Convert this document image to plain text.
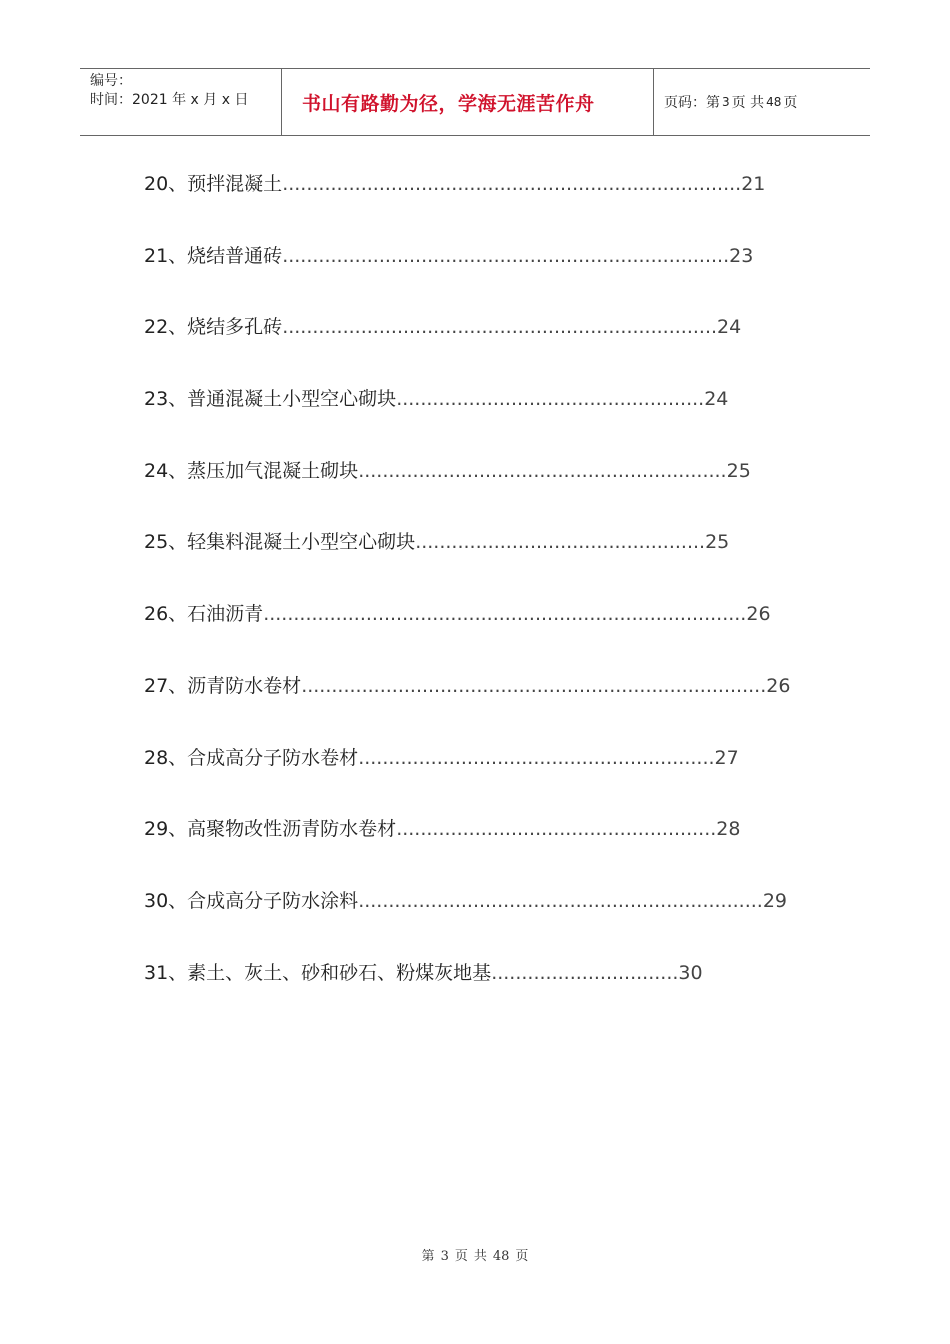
编号：
时间：2021 年 x 月 x 日	书山有路勤为径，学海无涯苦作舟	页码：第 3 页 共 48 页
20、预拌混凝土 ............................................................................21
21、烧结普通砖 ..........................................................................23
22、烧结多孔砖 ........................................................................24
23、普通混凝土小型空心砌块 ...................................................24
24、蒸压加气混凝土砌块 .............................................................25
25、轻集料混凝土小型空心砌块 ................................................25
26、石油沥青 ................................................................................26
27、沥青防水卷材 .............................................................................26
28、合成高分子防水卷材 ...........................................................27
29、高聚物改性沥青防水卷材 .....................................................28
30、合成高分子防水涂料 ...................................................................29
31、素土、灰土、砂和砂石、粉煤灰地基 ...............................30
第 3 页 共 48 页
